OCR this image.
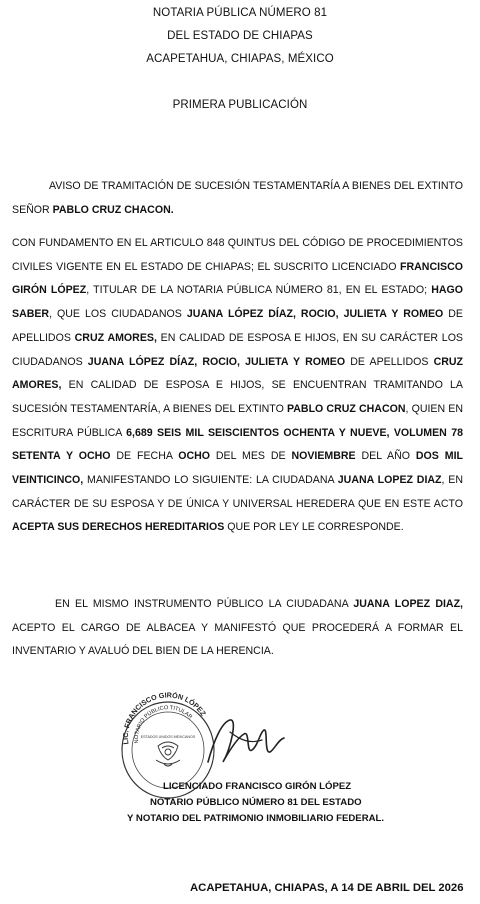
NOTARIA PÚBLICA NÚMERO 81
DEL ESTADO DE CHIAPAS
ACAPETAHUA, CHIAPAS, MÉXICO
PRIMERA PUBLICACIÓN

AVISO DE TRAMITACIÓN DE SUCESIÓN TESTAMENTARÍA A BIENES DEL EXTINTO SEÑOR PABLO CRUZ CHACON.

CON FUNDAMENTO EN EL ARTICULO 848 QUINTUS DEL CÓDIGO DE PROCEDIMIENTOS CIVILES VIGENTE EN EL ESTADO DE CHIAPAS; EL SUSCRITO LICENCIADO FRANCISCO GIRÓN LÓPEZ, TITULAR DE LA NOTARIA PÚBLICA NÚMERO 81, EN EL ESTADO; HAGO SABER, QUE LOS CIUDADANOS JUANA LÓPEZ DÍAZ, ROCIO, JULIETA Y ROMEO DE APELLIDOS CRUZ AMORES, EN CALIDAD DE ESPOSA E HIJOS, EN SU CARÁCTER LOS CIUDADANOS JUANA LÓPEZ DÍAZ, ROCIO, JULIETA Y ROMEO DE APELLIDOS CRUZ AMORES, EN CALIDAD DE ESPOSA E HIJOS, SE ENCUENTRAN TRAMITANDO LA SUCESIÓN TESTAMENTARÍA, A BIENES DEL EXTINTO PABLO CRUZ CHACON, QUIEN EN ESCRITURA PÚBLICA 6,689 SEIS MIL SEISCIENTOS OCHENTA Y NUEVE, VOLUMEN 78 SETENTA Y OCHO DE FECHA OCHO DEL MES DE NOVIEMBRE DEL AÑO DOS MIL VEINTICINCO, MANIFESTANDO LO SIGUIENTE: LA CIUDADANA JUANA LOPEZ DIAZ, EN CARÁCTER DE SU ESPOSA Y DE ÚNICA Y UNIVERSAL HEREDERA QUE EN ESTE ACTO ACEPTA SUS DERECHOS HEREDITARIOS QUE POR LEY LE CORRESPONDE.

EN EL MISMO INSTRUMENTO PÚBLICO LA CIUDADANA JUANA LOPEZ DIAZ, ACEPTO EL CARGO DE ALBACEA Y MANIFESTÓ QUE PROCEDERÁ A FORMAR EL INVENTARIO Y AVALUÓ DEL BIEN DE LA HERENCIA.

LIC. FRANCISCO GIRÓN LÓPEZ
NOTARIO PÚBLICO TITULAR
ESTADOS UNIDOS MEXICANOS
LICENCIADO FRANCISCO GIRÓN LÓPEZ
NOTARIO PÚBLICO NÚMERO 81 DEL ESTADO
Y NOTARIO DEL PATRIMONIO INMOBILIARIO FEDERAL.
ACAPETAHUA, CHIAPAS, A 14 DE ABRIL DEL 2026
